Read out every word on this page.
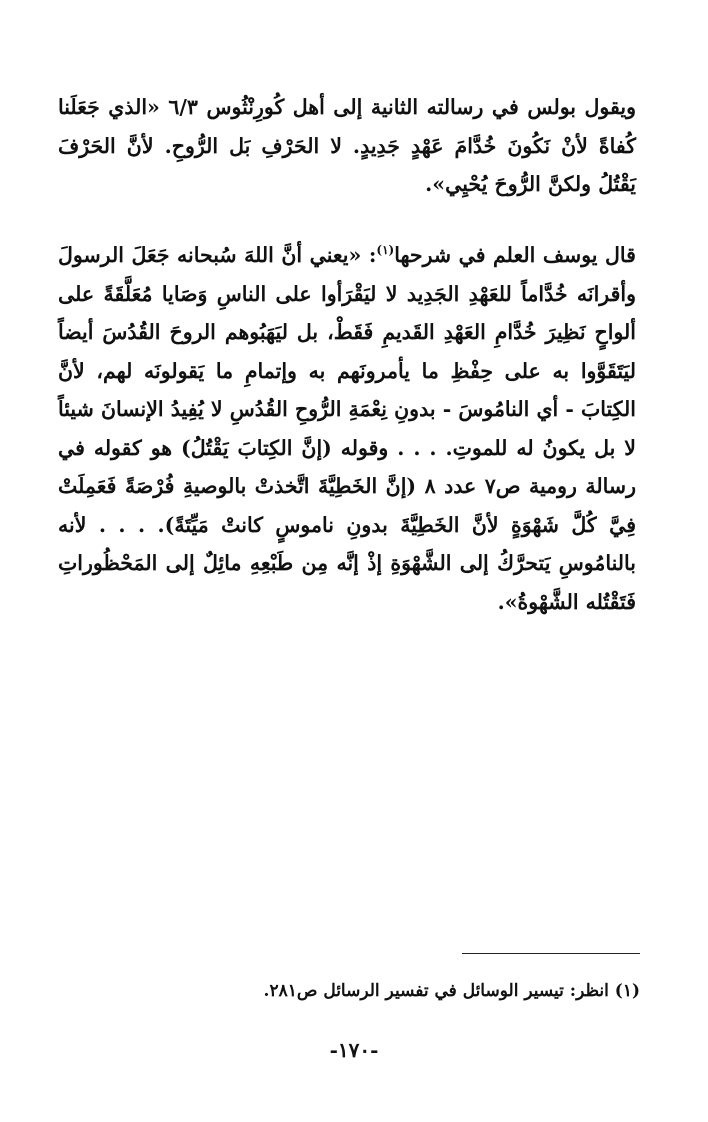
ويقول بولس في رسالته الثانية إلى أهل كُورِنْثُوس ٦/٣ «الذي جَعَلَنا كُفاةً لأنْ نَكُونَ خُدَّامَ عَهْدٍ جَدِيدٍ. لا الحَرْفِ بَل الرُّوحِ. لأنَّ الحَرْفَ يَقْتُلُ ولكنَّ الرُّوحَ يُحْيِي».

قال يوسف العلم في شرحها$^{(١)}$: «يعني أنَّ اللهَ سُبحانه جَعَلَ الرسولَ وأقرانَه خُدَّاماً للعَهْدِ الجَدِيد لا ليَقْرَأوا على الناسِ وَصَايا مُعَلَّقَةً على ألواحٍ نَظِيرَ خُدَّامِ العَهْدِ القَديمِ فَقَطْ، بل ليَهَبُوهم الروحَ القُدُسَ أيضاً ليَتَقَوَّوا به على حِفْظِ ما يأمرونَهم به وإتمامِ ما يَقولونَه لهم، لأنَّ الكِتابَ - أي النامُوسَ - بدونِ نِعْمَةِ الرُّوحِ القُدُسِ لا يُفِيدُ الإنسانَ شيئاً لا بل يكونُ له للموتِ. . . . وقوله (إنَّ الكِتابَ يَقْتُلُ) هو كقوله في رسالة رومية ص٧ عدد ٨ (إنَّ الخَطِيَّةَ اتَّخذتْ بالوصيةِ فُرْصَةً فَعَمِلَتْ فِيَّ كُلَّ شَهْوَةٍ لأنَّ الخَطِيَّةَ بدونِ ناموسٍ كانتْ مَيِّتَةً). . . . لأنه بالنامُوسِ يَتحرَّكُ إلى الشَّهْوَةِ إذْ إنَّه مِن طَبْعِهِ مائِلٌ إلى المَحْظُوراتِ فَتَقْتُله الشَّهْوةُ».

(١) انظر: تيسير الوسائل في تفسير الرسائل ص٢٨١.

-١٧٠-
